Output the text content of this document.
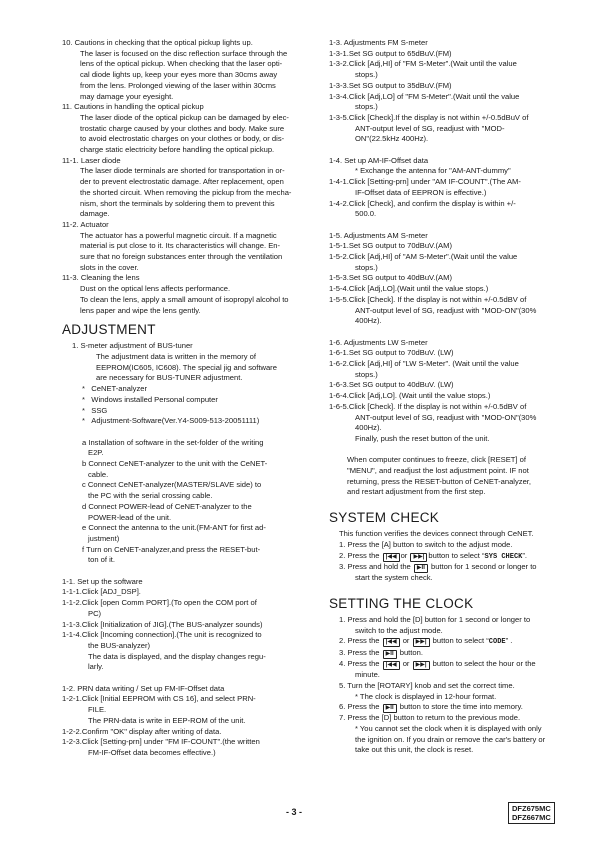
10. Cautions in checking that the optical pickup lights up.
The laser is focused on the disc reflection surface through the
lens of the optical pickup. When checking that the laser opti-
cal diode lights up, keep your eyes more than 30cms away
from the lens. Prolonged viewing of the laser within 30cms
may damage your eyesight.
11. Cautions in handling the optical pickup
The laser diode of the optical pickup can be damaged by elec-
trostatic charge caused by your clothes and body. Make sure
to avoid electrostatic charges on your clothes or body, or dis-
charge static electricity before handling the optical pickup.
11-1. Laser diode
The laser diode terminals are shorted for transportation in or-
der to prevent electrostatic damage. After replacement, open
the shorted circuit. When removing the pickup from the mecha-
nism, short the terminals by soldering them to prevent this
damage.
11-2. Actuator
The actuator has a powerful magnetic circuit. If a magnetic
material is put close to it. Its characteristics will change. En-
sure that no foreign substances enter through the ventilation
slots in the cover.
11-3. Cleaning the lens
Dust on the optical lens affects performance.
To clean the lens, apply a small amount of isopropyl alcohol to
lens paper and wipe the lens gently.
ADJUSTMENT
1. S-meter adjustment of BUS-tuner
The adjustment data is written in the memory of
EEPROM(IC605, IC608). The special jig and software
are necessary for BUS-TUNER adjustment.
*   CeNET-analyzer
*   Windows installed Personal computer
*   SSG
*   Adjustment-Software(Ver.Y4-S009-513-20051111)
a Installation of software in the set-folder of the writing
E2P.
b Connect CeNET-analyzer to the unit with the CeNET-
cable.
c Connect CeNET-analyzer(MASTER/SLAVE side) to
the PC with the serial crossing cable.
d Connect POWER-lead of CeNET-analyzer to the
POWER-lead of the unit.
e Connect the antenna to the unit.(FM-ANT for first ad-
justment)
f Turn on CeNET-analyzer,and press the RESET-but-
ton of it.
1-1. Set up the software
1-1-1.Click [ADJ_DSP].
1-1-2.Click [open Comm PORT].(To open the COM port of
PC)
1-1-3.Click [Initialization of JIG].(The BUS-analyzer sounds)
1-1-4.Click [Incoming connection].(The unit is recognized to
the BUS-analyzer)
The data is displayed, and the display changes regu-
larly.
1-2. PRN data writing / Set up FM-IF-Offset data
1-2-1.Click [Initial EEPROM with CS 16], and select PRN-
FILE.
The PRN-data is write in EEP-ROM of the unit.
1-2-2.Confirm "OK" display after writing of data.
1-2-3.Click [Setting-prn] under "FM IF-COUNT".(the written
FM-IF-Offset data becomes effective.)
1-3. Adjustments FM S-meter
1-3-1.Set SG output to 65dBuV.(FM)
1-3-2.Click [Adj,HI] of "FM S-Meter".(Wait until the value
stops.)
1-3-3.Set SG output to 35dBuV.(FM)
1-3-4.Click [Adj,LO] of "FM S-Meter".(Wait until the value
stops.)
1-3-5.Click [Check].If the display is not within +/-0.5dBuV of
ANT-output level of SG, readjust with "MOD-
ON"(22.5kHz 400Hz).
1-4. Set up AM-IF-Offset data
* Exchange the antenna for "AM-ANT-dummy"
1-4-1.Click [Setting-prn] under "AM IF-COUNT".(The AM-
IF-Offset data of EEPRON is effective.)
1-4-2.Click [Check], and confirm the display is within +/-
500.0.
1-5. Adjustments AM S-meter
1-5-1.Set SG output to 70dBuV.(AM)
1-5-2.Click [Adj,HI] of "AM S-Meter".(Wait until the value
stops.)
1-5-3.Set SG output to 40dBuV.(AM)
1-5-4.Click [Adj,LO].(Wait until the value stops.)
1-5-5.Click [Check]. If the display is not within +/-0.5dBV of
ANT-output level of SG, readjust with "MOD-ON"(30%
400Hz).
1-6. Adjustments LW S-meter
1-6-1.Set SG output to 70dBuV. (LW)
1-6-2.Click [Adj,HI] of "LW S-Meter". (Wait until the value
stops.)
1-6-3.Set SG output to 40dBuV. (LW)
1-6-4.Click [Adj,LO]. (Wait until the value stops.)
1-6-5.Click [Check]. If the display is not within +/-0.5dBV of
ANT-output level of SG, readjust with "MOD-ON"(30%
400Hz).
Finally, push the reset button of the unit.
When computer continues to freeze, click [RESET] of
"MENU", and readjust the lost adjustment point. IF not
returning, press the RESET-button of CeNET-analyzer,
and restart adjustment from the first step.
SYSTEM CHECK
This function verifies the devices connect through CeNET.
1. Press the [A] button to switch to the adjust mode.
2. Press the |◀◀ or ▶▶| button to select “SYS CHECK”.
3. Press and hold the ▶II button for 1 second or longer to
start the system check.
SETTING THE CLOCK
1. Press and hold the [D] button for 1 second or longer to
switch to the adjust mode.
2. Press the |◀◀ or ▶▶| button to select “CODE” .
3. Press the ▶II button.
4. Press the |◀◀ or ▶▶| button to select the hour or the
minute.
5. Turn the [ROTARY] knob and set the correct time.
* The clock is displayed in 12-hour format.
6. Press the ▶II button to store the time into memory.
7. Press the [D] button to return to the previous mode.
* You cannot set the clock when it is displayed with only
the ignition on. If you drain or remove the car's battery or
take out this unit, the clock is reset.
- 3 -	DFZ675MC
DFZ667MC
